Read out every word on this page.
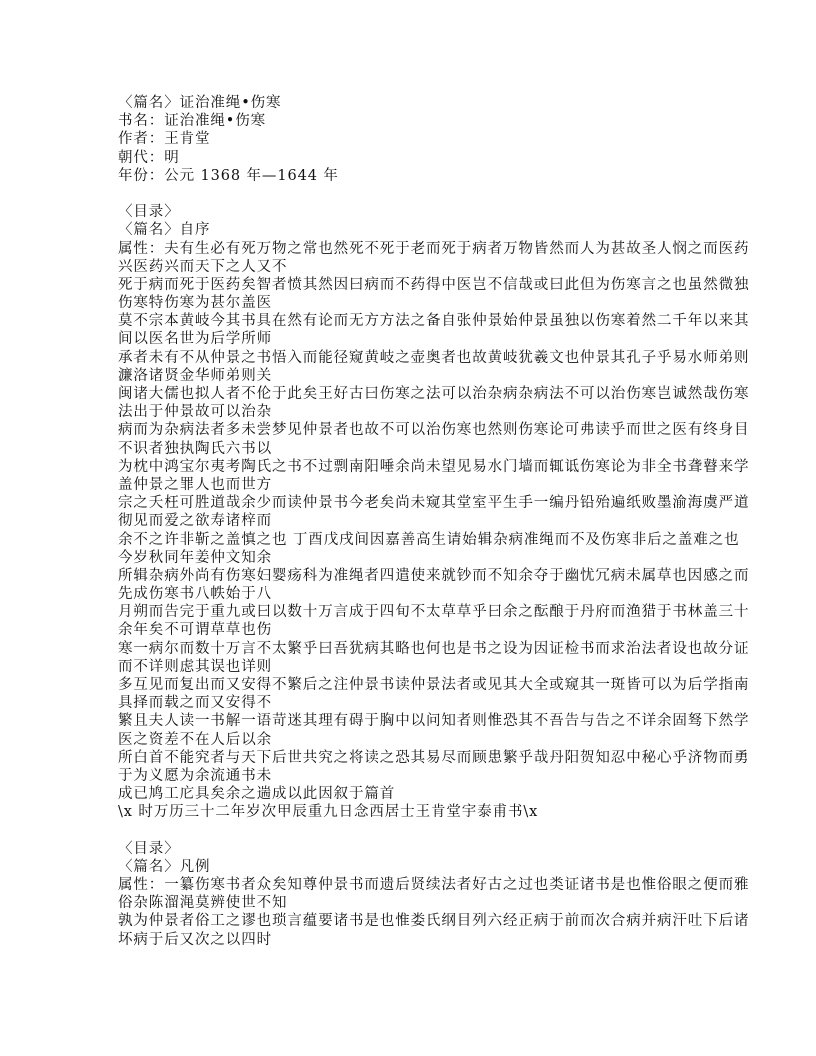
〈篇名〉证治准绳•伤寒
书名：证治准绳•伤寒
作者：王肯堂
朝代：明
年份：公元 1368 年—1644 年
〈目录〉
〈篇名〉自序
属性：夫有生必有死万物之常也然死不死于老而死于病者万物皆然而人为甚故圣人悯之而医药
兴医药兴而天下之人又不
死于病而死于医药矣智者愤其然因曰病而不药得中医岂不信哉或曰此但为伤寒言之也虽然微独
伤寒特伤寒为甚尔盖医
莫不宗本黄岐今其书具在然有论而无方方法之备自张仲景始仲景虽独以伤寒着然二千年以来其
间以医名世为后学所师
承者未有不从仲景之书悟入而能径窥黄岐之壶奥者也故黄岐犹羲文也仲景其孔子乎易水师弟则
濂洛诸贤金华师弟则关
闽诸大儒也拟人者不伦于此矣王好古曰伤寒之法可以治杂病杂病法不可以治伤寒岂诚然哉伤寒
法出于仲景故可以治杂
病而为杂病法者多未尝梦见仲景者也故不可以治伤寒也然则伤寒论可弗读乎而世之医有终身目
不识者独执陶氏六书以
为枕中鸿宝尔夷考陶氏之书不过剽南阳唾余尚未望见易水门墙而辄诋伤寒论为非全书聋瞽来学
盖仲景之罪人也而世方
宗之夭枉可胜道哉余少而读仲景书今老矣尚未窥其堂室平生手一编丹铅殆遍纸败墨渝海虞严道
彻见而爱之欲寿诸梓而
余不之许非靳之盖慎之也 丁酉戊戌间因嘉善高生请始辑杂病准绳而不及伤寒非后之盖难之也
今岁秋同年姜仲文知余
所辑杂病外尚有伤寒妇婴疡科为准绳者四遣使来就钞而不知余夺于幽忧冗病未属草也因感之而
先成伤寒书八帙始于八
月朔而告完于重九或曰以数十万言成于四旬不太草草乎曰余之酝酿于丹府而渔猎于书林盖三十
余年矣不可谓草草也伤
寒一病尔而数十万言不太繁乎曰吾犹病其略也何也是书之设为因证检书而求治法者设也故分证
而不详则虑其误也详则
多互见而复出而又安得不繁后之注仲景书读仲景法者或见其大全或窥其一斑皆可以为后学指南
具择而载之而又安得不
繁且夫人读一书解一语苛迷其理有碍于胸中以问知者则惟恐其不吾告与告之不详余固驽下然学
医之资差不在人后以余
所白首不能究者与天下后世共究之将读之恐其易尽而顾患繁乎哉丹阳贺知忍中秘心乎济物而勇
于为义愿为余流通书未
成已鸠工庀具矣余之遄成以此因叙于篇首
\x 时万历三十二年岁次甲辰重九日念西居士王肯堂宇泰甫书\x
〈目录〉
〈篇名〉凡例
属性：一纂伤寒书者众矣知尊仲景书而遗后贤续法者好古之过也类证诸书是也惟俗眼之便而雅
俗杂陈溜渑莫辨使世不知
孰为仲景者俗工之谬也琐言蕴要诸书是也惟娄氏纲目列六经正病于前而次合病并病汗吐下后诸
坏病于后又次之以四时
